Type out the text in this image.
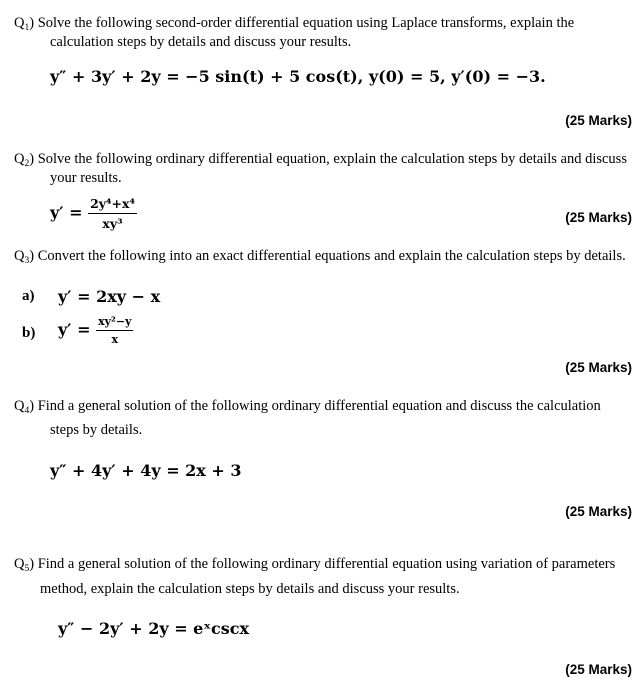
$Q_1$) Solve the following second-order differential equation using Laplace transforms, explain the
calculation steps by details and discuss your results.
y″ + 3y′ + 2y = −5 sin(t) + 5 cos(t), y(0) = 5, y′(0) = −3.
(25 Marks)
$Q_2$) Solve the following ordinary differential equation, explain the calculation steps by details and discuss
your results.
$y' = \frac{\text{2y⁴+x⁴}}{\text{xy³}}$	(25 Marks)
$Q_3$) Convert the following into an exact differential equations and explain the calculation steps by details.
a) y′ = 2xy − x
b) $y' = \frac{\text{xy²−y}}{x}$
(25 Marks)
$Q_4$) Find a general solution of the following ordinary differential equation and discuss the calculation
steps by details.
y″ + 4y′ + 4y = 2x + 3
(25 Marks)
$Q_5$) Find a general solution of the following ordinary differential equation using variation of parameters
method, explain the calculation steps by details and discuss your results.
y″ − 2y′ + 2y = eˣcscx
(25 Marks)
